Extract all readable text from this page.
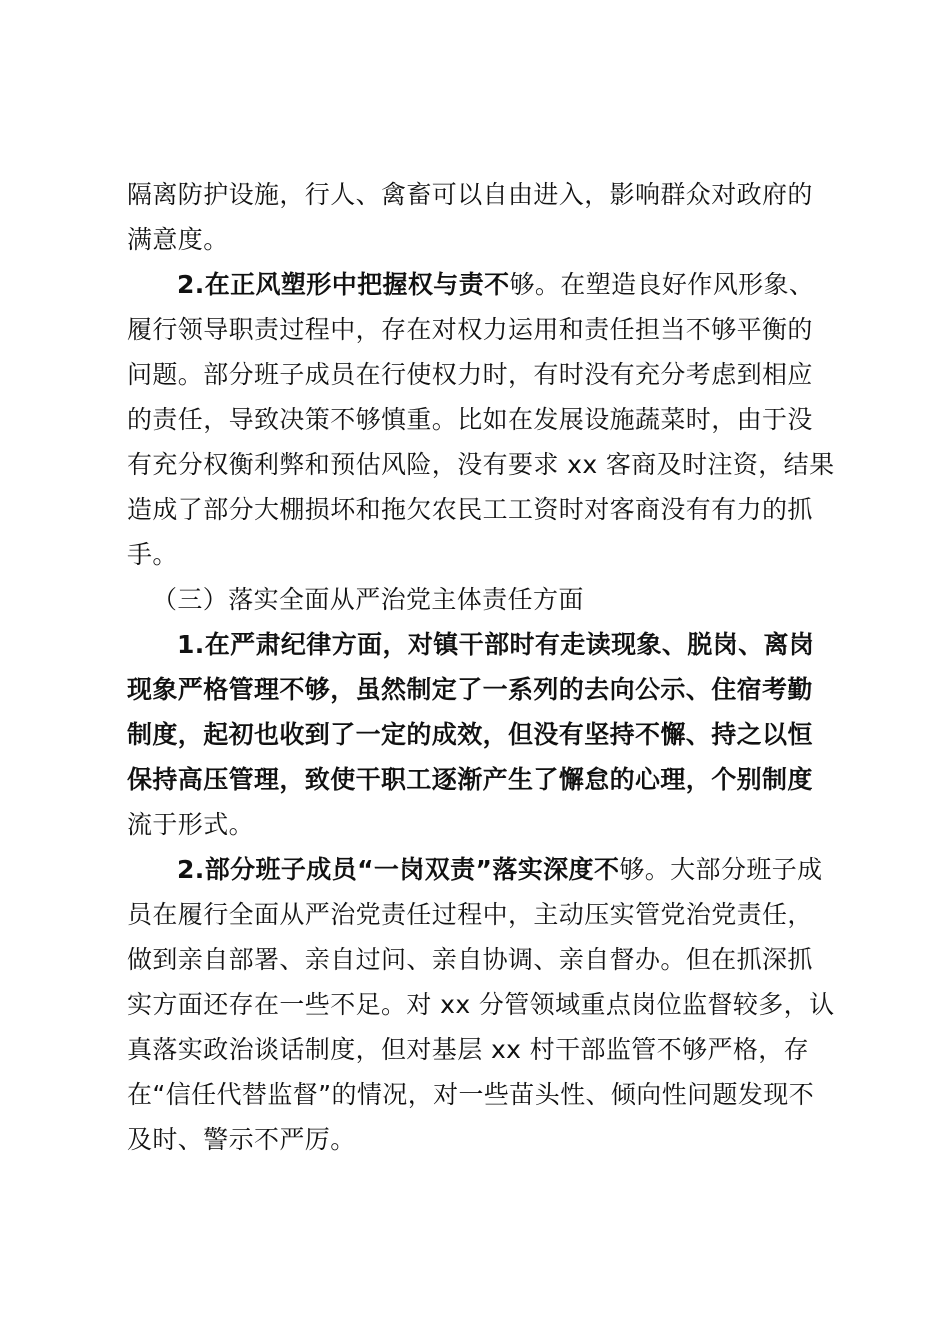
隔离防护设施，行人、禽畜可以自由进入，影响群众对政府的
满意度。
2.在正风塑形中把握权与责不够。在塑造良好作风形象、
履行领导职责过程中，存在对权力运用和责任担当不够平衡的
问题。部分班子成员在行使权力时，有时没有充分考虑到相应
的责任，导致决策不够慎重。比如在发展设施蔬菜时，由于没
有充分权衡利弊和预估风险，没有要求 xx 客商及时注资，结果
造成了部分大棚损坏和拖欠农民工工资时对客商没有有力的抓
手。
（三）落实全面从严治党主体责任方面
1.在严肃纪律方面，对镇干部时有走读现象、脱岗、离岗
现象严格管理不够，虽然制定了一系列的去向公示、住宿考勤
制度，起初也收到了一定的成效，但没有坚持不懈、持之以恒
保持高压管理，致使干职工逐渐产生了懈怠的心理，个别制度
流于形式。
2.部分班子成员“一岗双责”落实深度不够。大部分班子成
员在履行全面从严治党责任过程中，主动压实管党治党责任，
做到亲自部署、亲自过问、亲自协调、亲自督办。但在抓深抓
实方面还存在一些不足。对 xx 分管领域重点岗位监督较多，认
真落实政治谈话制度，但对基层 xx 村干部监管不够严格，存
在“信任代替监督”的情况，对一些苗头性、倾向性问题发现不
及时、警示不严厉。
